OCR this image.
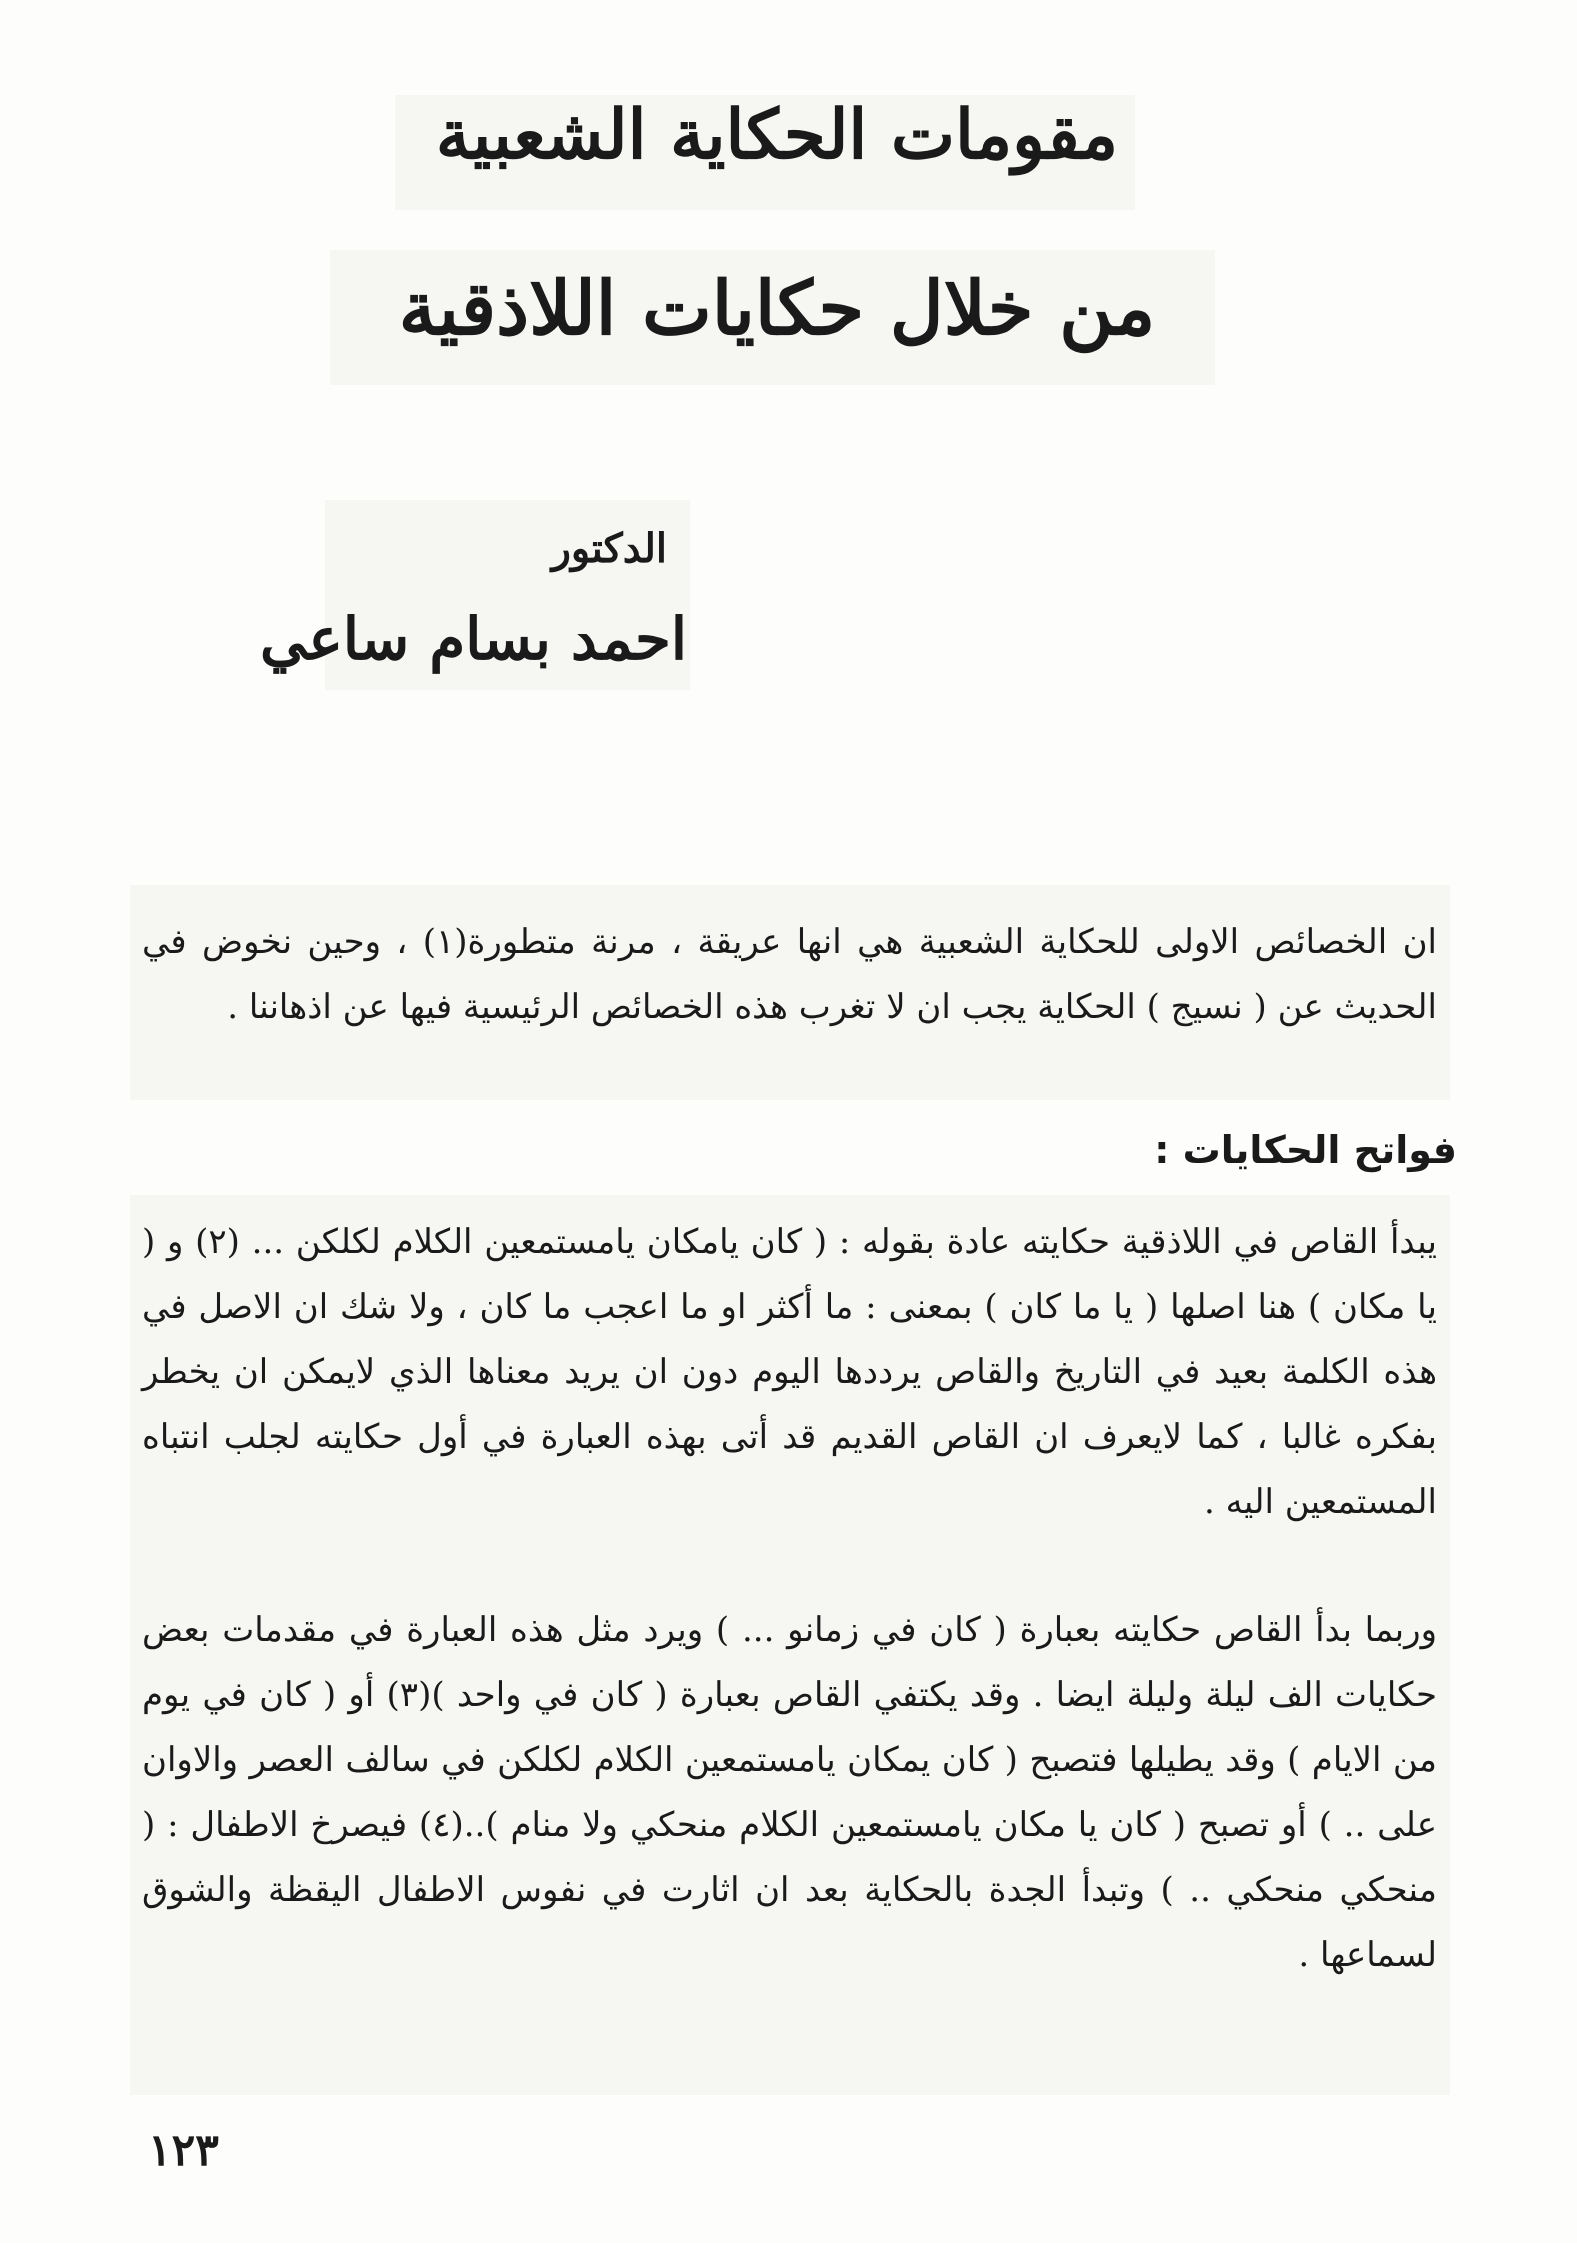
مقومات الحكاية الشعبية
من خلال حكايات اللاذقية
الدكتور
احمد بسام ساعي

ان الخصائص الاولى للحكاية الشعبية هي انها عريقة ، مرنة متطورة(١) ، وحين نخوض في الحديث عن ( نسيج ) الحكاية يجب ان لا تغرب هذه الخصائص الرئيسية فيها عن اذهاننا .

فواتح الحكايات :

يبدأ القاص في اللاذقية حكايته عادة بقوله : ( كان يامكان يامستمعين الكلام لكلكن ... (٢) و ( يا مكان ) هنا اصلها ( يا ما كان ) بمعنى : ما أكثر او ما اعجب ما كان ، ولا شك ان الاصل في هذه الكلمة بعيد في التاريخ والقاص يرددها اليوم دون ان يريد معناها الذي لايمكن ان يخطر بفكره غالبا ، كما لايعرف ان القاص القديم قد أتى بهذه العبارة في أول حكايته لجلب انتباه المستمعين اليه .

وربما بدأ القاص حكايته بعبارة ( كان في زمانو ... ) ويرد مثل هذه العبارة في مقدمات بعض حكايات الف ليلة وليلة ايضا . وقد يكتفي القاص بعبارة ( كان في واحد )(٣) أو ( كان في يوم من الايام ) وقد يطيلها فتصبح ( كان يمكان يامستمعين الكلام لكلكن في سالف العصر والاوان على .. ) أو تصبح ( كان يا مكان يامستمعين الكلام منحكي ولا منام )..(٤) فيصرخ الاطفال : ( منحكي منحكي .. ) وتبدأ الجدة بالحكاية بعد ان اثارت في نفوس الاطفال اليقظة والشوق لسماعها .

١٢٣
